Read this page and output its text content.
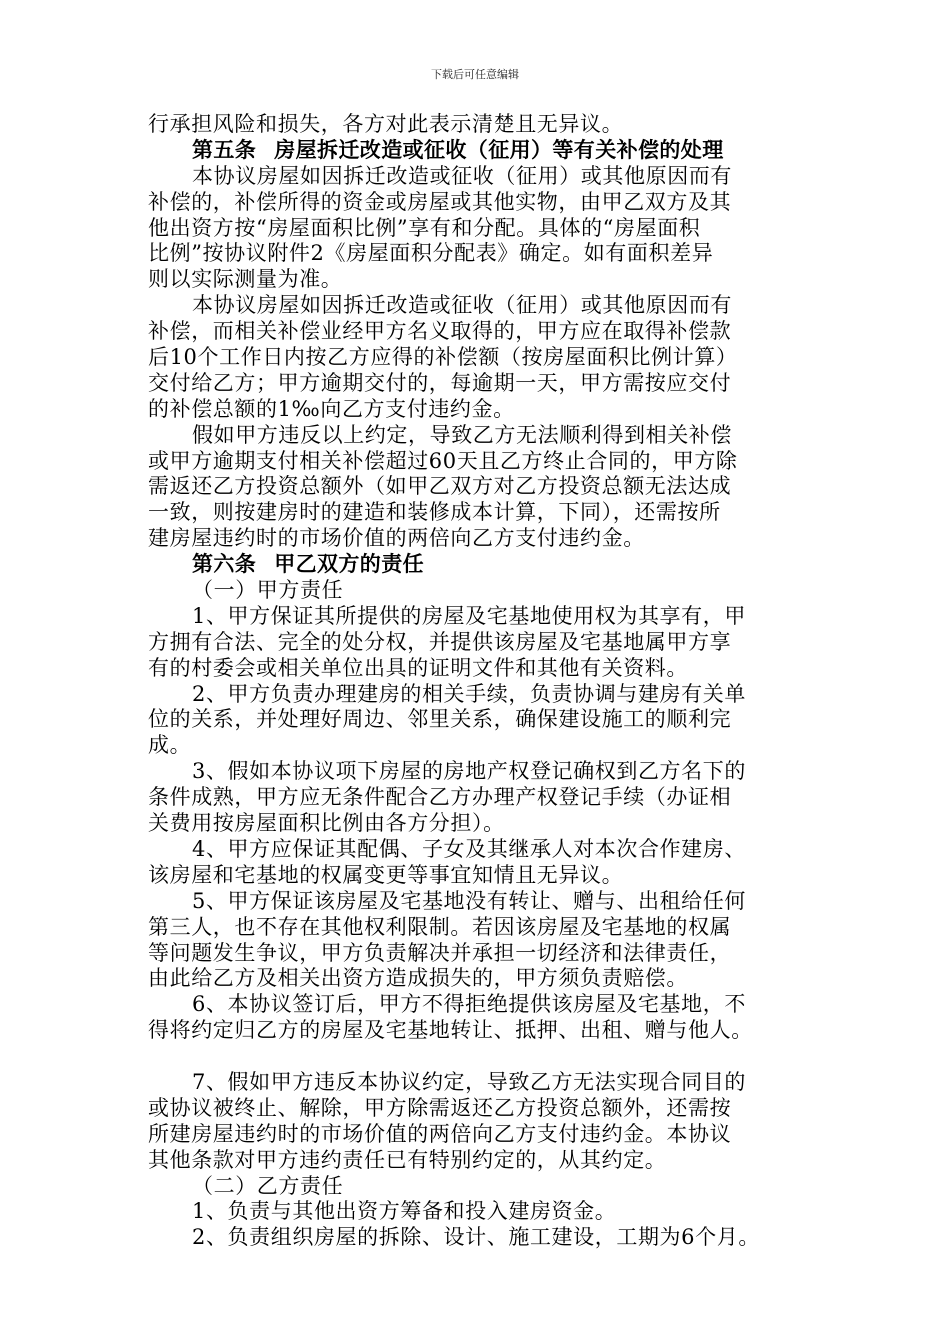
下载后可任意编辑
行承担风险和损失，各方对此表示清楚且无异议。
第五条 房屋拆迁改造或征收（征用）等有关补偿的处理
本协议房屋如因拆迁改造或征收（征用）或其他原因而有
补偿的，补偿所得的资金或房屋或其他实物，由甲乙双方及其
他出资方按“房屋面积比例”享有和分配。具体的“房屋面积
比例”按协议附件2《房屋面积分配表》确定。如有面积差异
则以实际测量为准。
本协议房屋如因拆迁改造或征收（征用）或其他原因而有
补偿，而相关补偿业经甲方名义取得的，甲方应在取得补偿款
后10个工作日内按乙方应得的补偿额（按房屋面积比例计算）
交付给乙方；甲方逾期交付的，每逾期一天，甲方需按应交付
的补偿总额的1‰向乙方支付违约金。
假如甲方违反以上约定，导致乙方无法顺利得到相关补偿
或甲方逾期支付相关补偿超过60天且乙方终止合同的，甲方除
需返还乙方投资总额外（如甲乙双方对乙方投资总额无法达成
一致，则按建房时的建造和装修成本计算，下同），还需按所
建房屋违约时的市场价值的两倍向乙方支付违约金。
第六条 甲乙双方的责任
（一）甲方责任
1、甲方保证其所提供的房屋及宅基地使用权为其享有，甲
方拥有合法、完全的处分权，并提供该房屋及宅基地属甲方享
有的村委会或相关单位出具的证明文件和其他有关资料。
2、甲方负责办理建房的相关手续，负责协调与建房有关单
位的关系，并处理好周边、邻里关系，确保建设施工的顺利完
成。
3、假如本协议项下房屋的房地产权登记确权到乙方名下的
条件成熟，甲方应无条件配合乙方办理产权登记手续（办证相
关费用按房屋面积比例由各方分担）。
4、甲方应保证其配偶、子女及其继承人对本次合作建房、
该房屋和宅基地的权属变更等事宜知情且无异议。
5、甲方保证该房屋及宅基地没有转让、赠与、出租给任何
第三人，也不存在其他权利限制。若因该房屋及宅基地的权属
等问题发生争议，甲方负责解决并承担一切经济和法律责任，
由此给乙方及相关出资方造成损失的，甲方须负责赔偿。
6、本协议签订后，甲方不得拒绝提供该房屋及宅基地，不
得将约定归乙方的房屋及宅基地转让、抵押、出租、赠与他人。
7、假如甲方违反本协议约定，导致乙方无法实现合同目的
或协议被终止、解除，甲方除需返还乙方投资总额外，还需按
所建房屋违约时的市场价值的两倍向乙方支付违约金。本协议
其他条款对甲方违约责任已有特别约定的，从其约定。
（二）乙方责任
1、负责与其他出资方筹备和投入建房资金。
2、负责组织房屋的拆除、设计、施工建设，工期为6个月。
